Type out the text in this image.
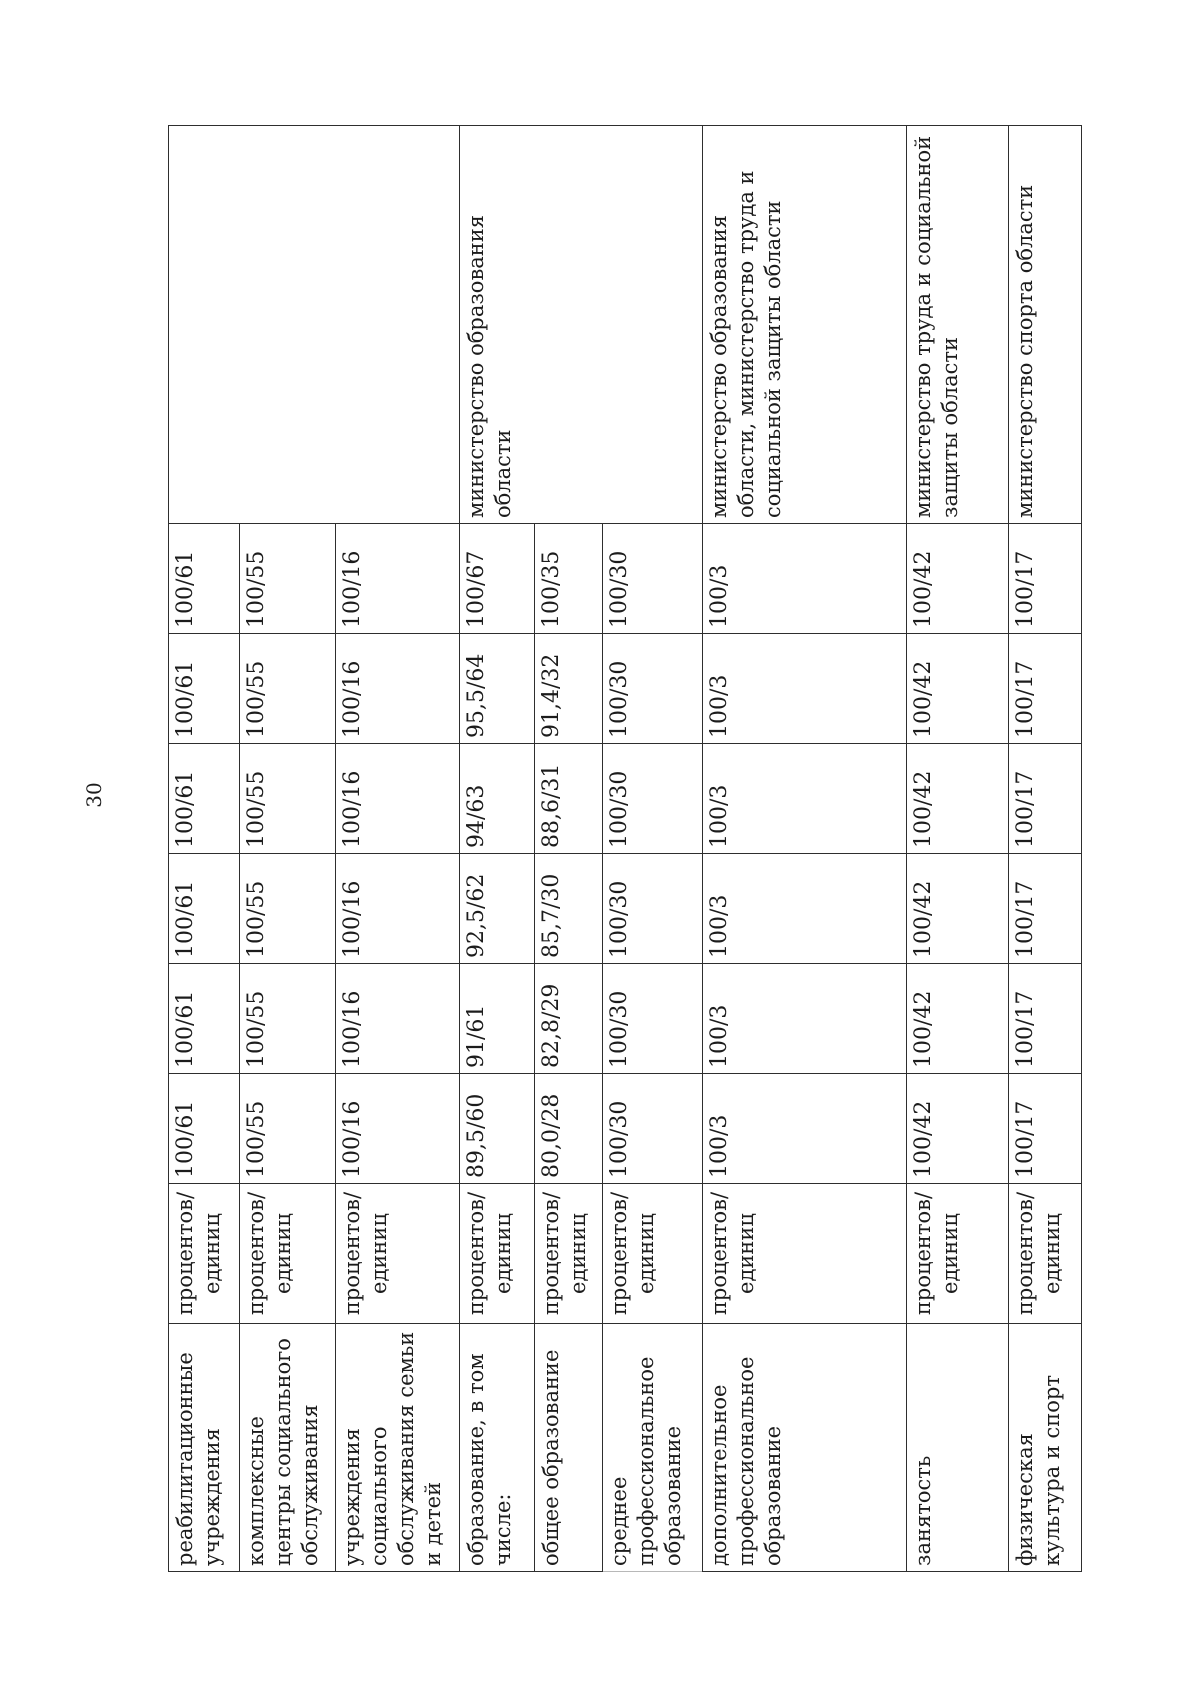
30
реабилитационные учреждения	процентов/ единиц	100/61	100/61	100/61	100/61	100/61	100/61	
комплексные центры социального обслуживания	процентов/ единиц	100/55	100/55	100/55	100/55	100/55	100/55	
учреждения социального обслуживания семьи и детей	процентов/ единиц	100/16	100/16	100/16	100/16	100/16	100/16	
образование, в том числе:	процентов/ единиц	89,5/60	91/61	92,5/62	94/63	95,5/64	100/67	министерство образования области
общее образование	процентов/ единиц	80,0/28	82,8/29	85,7/30	88,6/31	91,4/32	100/35	
среднее профессиональное образование	процентов/ единиц	100/30	100/30	100/30	100/30	100/30	100/30	
дополнительное профессиональное образование	процентов/ единиц	100/3	100/3	100/3	100/3	100/3	100/3	министерство образования области, министерство труда и социальной защиты области
занятость	процентов/ единиц	100/42	100/42	100/42	100/42	100/42	100/42	министерство труда и социальной защиты области
физическая культура и спорт	процентов/ единиц	100/17	100/17	100/17	100/17	100/17	100/17	министерство спорта области
